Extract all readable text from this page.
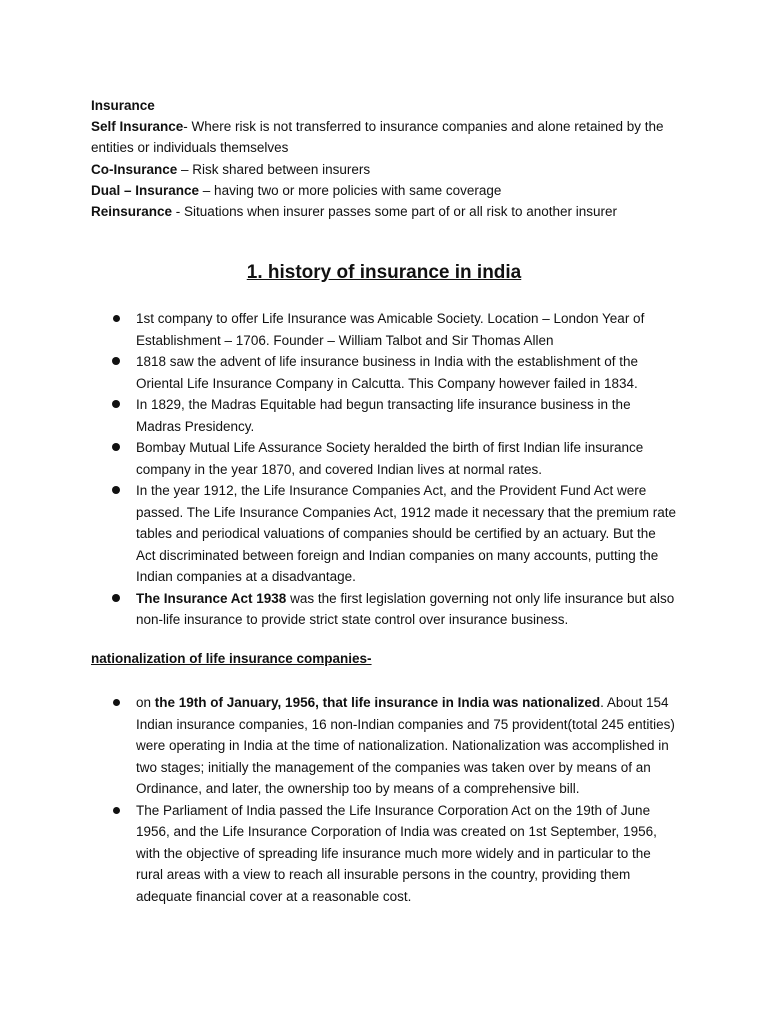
Insurance

Self Insurance- Where risk is not transferred to insurance companies and alone retained by the entities or individuals themselves

Co-Insurance – Risk shared between insurers

Dual – Insurance – having two or more policies with same coverage

Reinsurance - Situations when insurer passes some part of or all risk to another insurer

1. history of insurance in india
1st company to offer Life Insurance was Amicable Society. Location – London Year of Establishment – 1706. Founder – William Talbot and Sir Thomas Allen
1818 saw the advent of life insurance business in India with the establishment of the Oriental Life Insurance Company in Calcutta. This Company however failed in 1834.
In 1829, the Madras Equitable had begun transacting life insurance business in the Madras Presidency.
Bombay Mutual Life Assurance Society heralded the birth of first Indian life insurance company in the year 1870, and covered Indian lives at normal rates.
In the year 1912, the Life Insurance Companies Act, and the Provident Fund Act were passed. The Life Insurance Companies Act, 1912 made it necessary that the premium rate tables and periodical valuations of companies should be certified by an actuary. But the Act discriminated between foreign and Indian companies on many accounts, putting the Indian companies at a disadvantage.
The Insurance Act 1938 was the first legislation governing not only life insurance but also non-life insurance to provide strict state control over insurance business.
nationalization of life insurance companies-
on the 19th of January, 1956, that life insurance in India was nationalized. About 154 Indian insurance companies, 16 non-Indian companies and 75 provident(total 245 entities) were operating in India at the time of nationalization. Nationalization was accomplished in two stages; initially the management of the companies was taken over by means of an Ordinance, and later, the ownership too by means of a comprehensive bill.
The Parliament of India passed the Life Insurance Corporation Act on the 19th of June 1956, and the Life Insurance Corporation of India was created on 1st September, 1956, with the objective of spreading life insurance much more widely and in particular to the rural areas with a view to reach all insurable persons in the country, providing them adequate financial cover at a reasonable cost.
